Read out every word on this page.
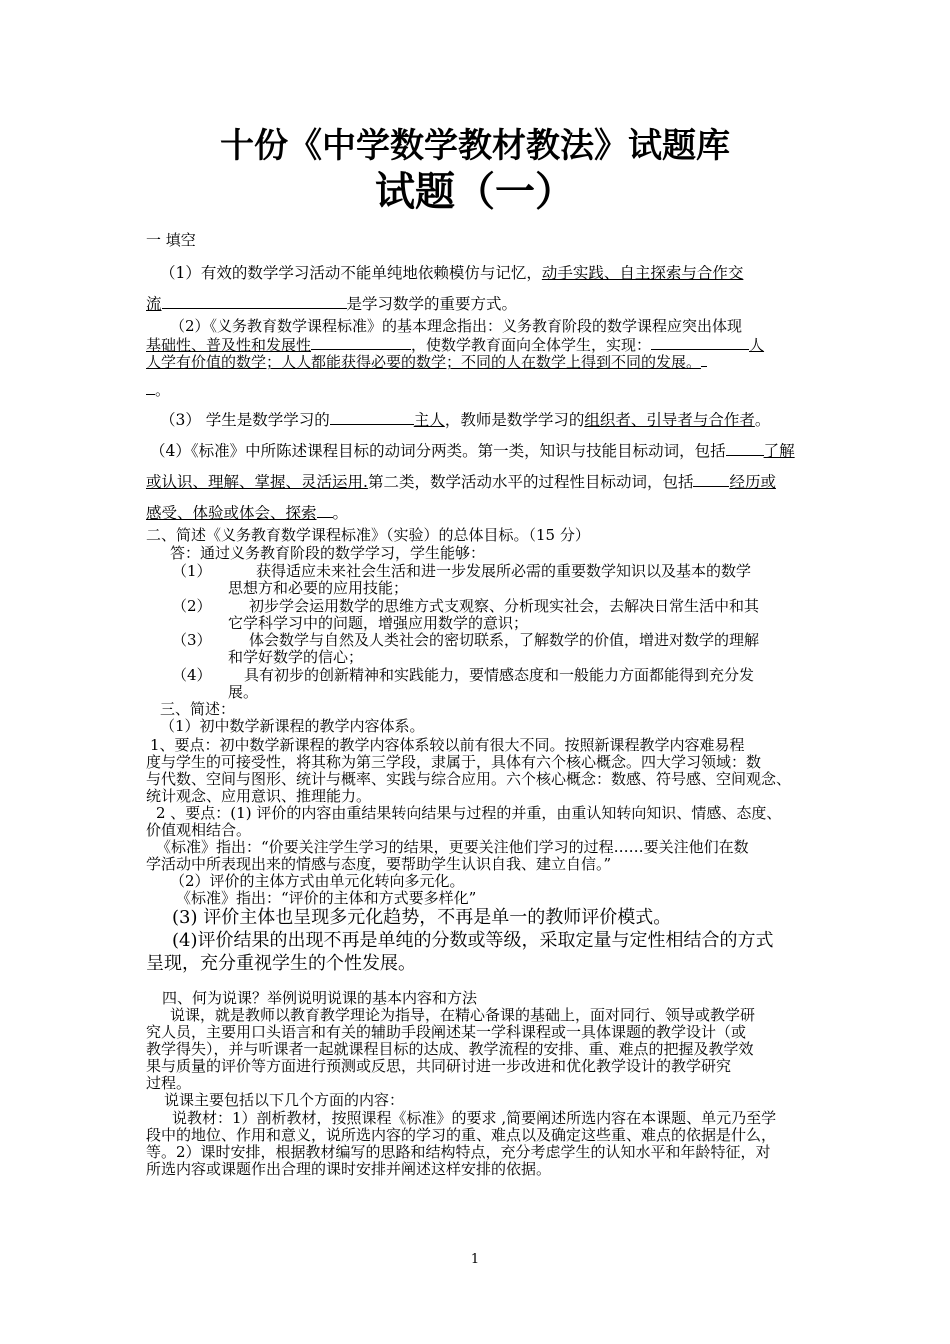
十份《中学数学教材教法》试题库
试题（一）
一 填空
（1）有效的数学学习活动不能单纯地依赖模仿与记忆，动手实践、自主探索与合作交
流	是学习数学的重要方式。
（2）《义务教育数学课程标准》的基本理念指出：义务教育阶段的数学课程应突出体现
基础性、普及性和发展性	，使数学教育面向全体学生，实现：	人
人学有价值的数学；人人都能获得必要的数学；不同的人在数学上得到不同的发展。
。
（3） 学生是数学学习的	主人，教师是数学学习的组织者、引导者与合作者。
（4）《标准》中所陈述课程目标的动词分两类。第一类，知识与技能目标动词，包括 了解
或认识、理解、掌握、灵活运用.第二类，数学活动水平的过程性目标动词，包括 经历或
感受、体验或体会、探索 。
二、简述《义务教育数学课程标准》（实验）的总体目标。（15 分）
答：通过义务教育阶段的数学学习，学生能够：
（1）	获得适应未来社会生活和进一步发展所必需的重要数学知识以及基本的数学
思想方和必要的应用技能；
（2） 初步学会运用数学的思维方式支观察、分析现实社会，去解决日常生活中和其
它学科学习中的问题，增强应用数学的意识；
（3） 体会数学与自然及人类社会的密切联系，了解数学的价值，增进对数学的理解
和学好数学的信心；
（4） 具有初步的创新精神和实践能力，要情感态度和一般能力方面都能得到充分发
展。
三、简述：
（1）初中数学新课程的教学内容体系。
1、要点：初中数学新课程的教学内容体系较以前有很大不同。按照新课程教学内容难易程
度与学生的可接受性，将其称为第三学段，隶属于，具体有六个核心概念。四大学习领域：数
与代数、空间与图形、统计与概率、实践与综合应用。六个核心概念：数感、符号感、空间观念、
统计观念、应用意识、推理能力。
2 、要点：(1) 评价的内容由重结果转向结果与过程的并重，由重认知转向知识、情感、态度、
价值观相结合。
《标准》指出：“价要关注学生学习的结果，更要关注他们学习的过程……要关注他们在数
学活动中所表现出来的情感与态度，要帮助学生认识自我、建立自信。”
（2）评价的主体方式由单元化转向多元化。
《标准》指出：“评价的主体和方式要多样化”
(3) 评价主体也呈现多元化趋势，不再是单一的教师评价模式。
(4)评价结果的出现不再是单纯的分数或等级，采取定量与定性相结合的方式
呈现，充分重视学生的个性发展。
四、何为说课？举例说明说课的基本内容和方法
说课，就是教师以教育教学理论为指导，在精心备课的基础上，面对同行、领导或教学研
究人员，主要用口头语言和有关的辅助手段阐述某一学科课程或一具体课题的教学设计（或
教学得失），并与听课者一起就课程目标的达成、教学流程的安排、重、难点的把握及教学效
果与质量的评价等方面进行预测或反思，共同研讨进一步改进和优化教学设计的教学研究
过程。
说课主要包括以下几个方面的内容：
说教材：1）剖析教材，按照课程《标准》的要求 ,简要阐述所选内容在本课题、单元乃至学
段中的地位、作用和意义，说所选内容的学习的重、难点以及确定这些重、难点的依据是什么，
等。2）课时安排，根据教材编写的思路和结构特点，充分考虑学生的认知水平和年龄特征，对
所选内容或课题作出合理的课时安排并阐述这样安排的依据。
1
